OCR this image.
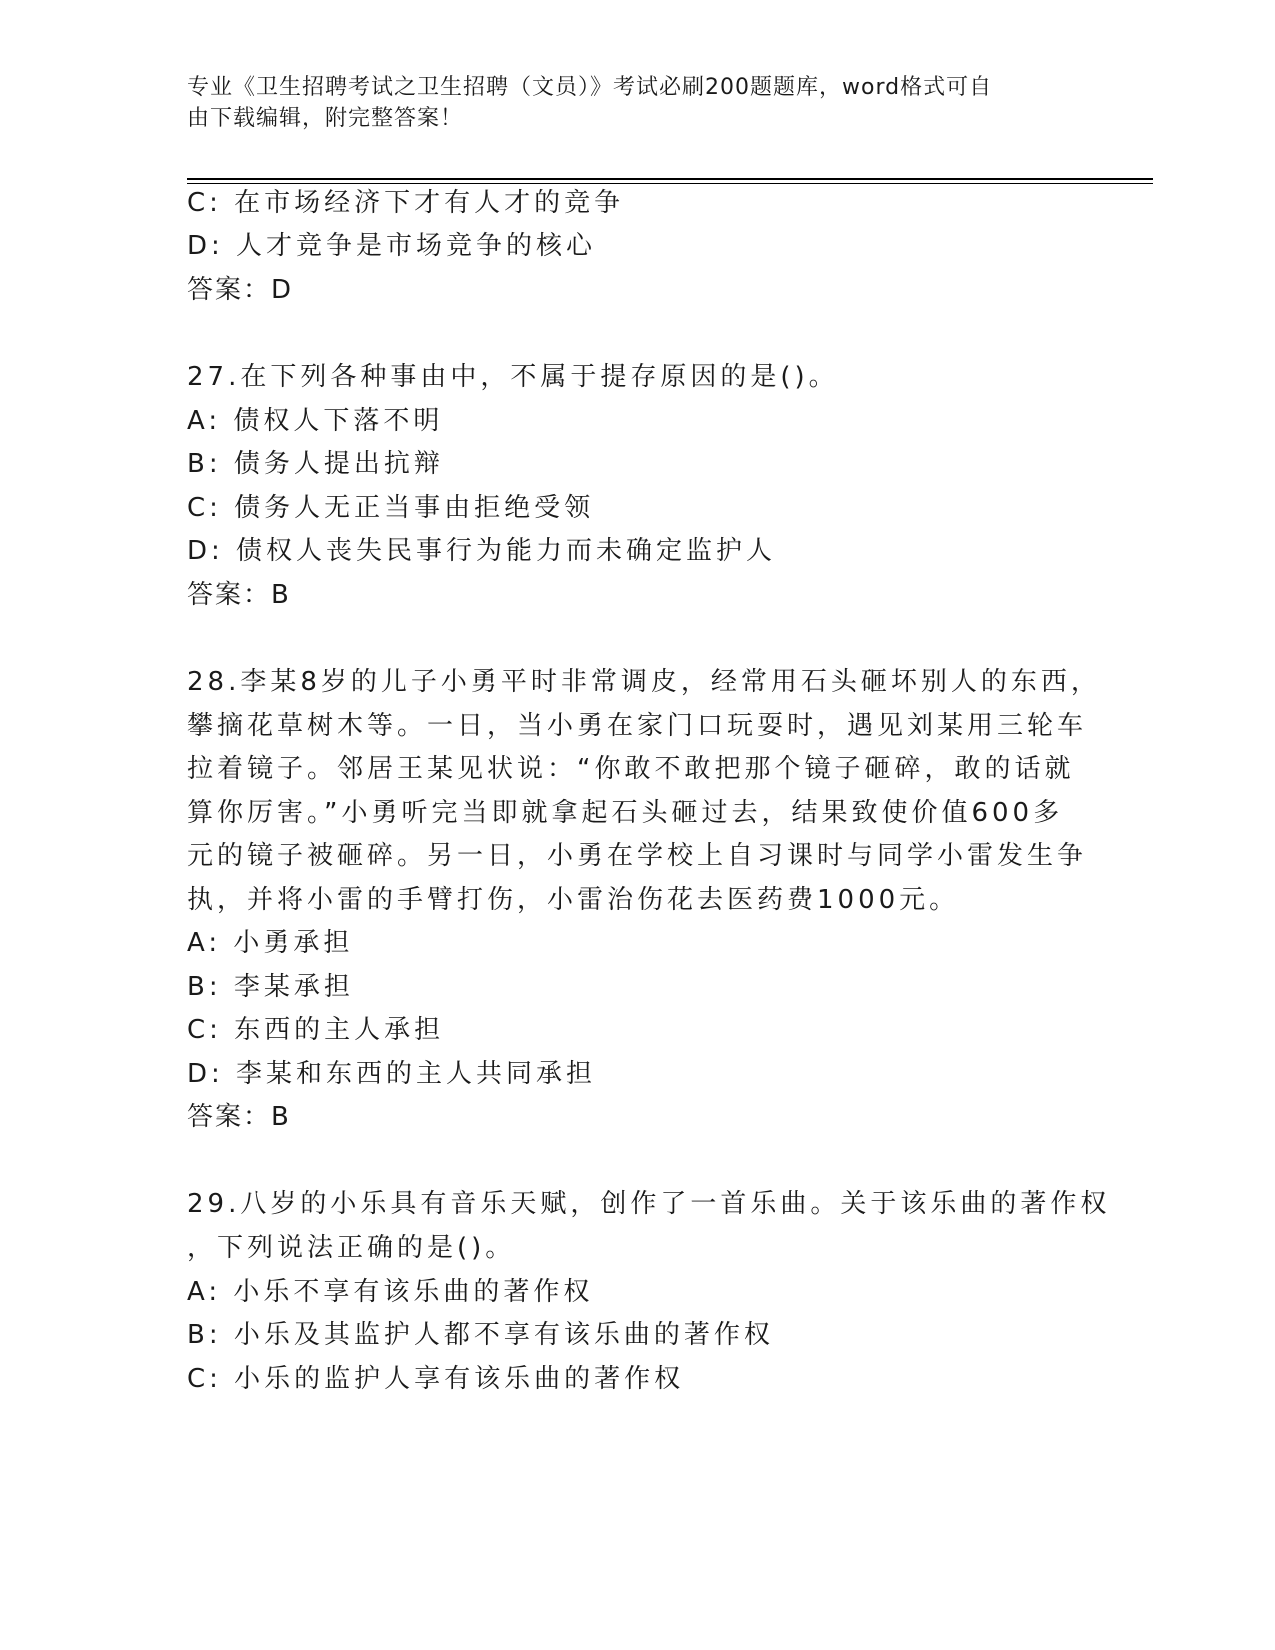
专业《卫生招聘考试之卫生招聘（文员）》考试必刷200题题库，word格式可自
由下载编辑，附完整答案！
C: 在市场经济下才有人才的竞争
D: 人才竞争是市场竞争的核心
答案：D
27.在下列各种事由中，不属于提存原因的是()。
A: 债权人下落不明
B: 债务人提出抗辩
C: 债务人无正当事由拒绝受领
D: 债权人丧失民事行为能力而未确定监护人
答案：B
28.李某8岁的儿子小勇平时非常调皮，经常用石头砸坏别人的东西，
攀摘花草树木等。一日，当小勇在家门口玩耍时，遇见刘某用三轮车
拉着镜子。邻居王某见状说：“你敢不敢把那个镜子砸碎，敢的话就
算你厉害。”小勇听完当即就拿起石头砸过去，结果致使价值600多
元的镜子被砸碎。另一日，小勇在学校上自习课时与同学小雷发生争
执，并将小雷的手臂打伤，小雷治伤花去医药费1000元。
A: 小勇承担
B: 李某承担
C: 东西的主人承担
D: 李某和东西的主人共同承担
答案：B
29.八岁的小乐具有音乐天赋，创作了一首乐曲。关于该乐曲的著作权
，下列说法正确的是()。
A: 小乐不享有该乐曲的著作权
B: 小乐及其监护人都不享有该乐曲的著作权
C: 小乐的监护人享有该乐曲的著作权
